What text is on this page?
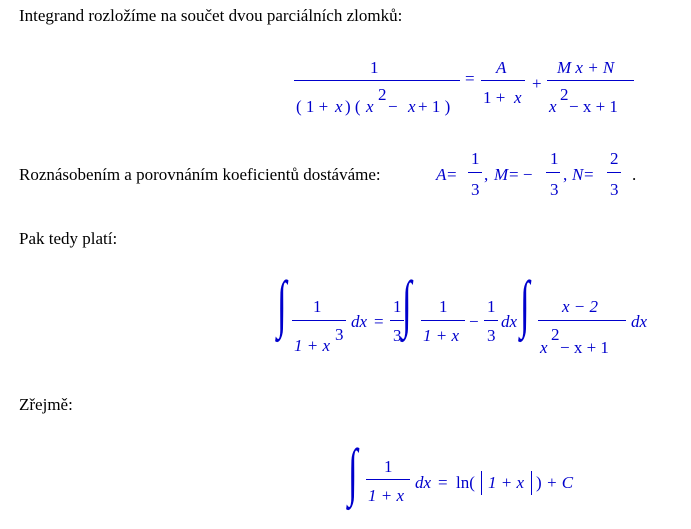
Integrand rozložíme na součet dvou parciálních zlomků:
Roznásobením a porovnáním koeficientů dostáváme:
Pak tedy platí:
Zřejmě:
1
( 1 + x ) ( x
2
− x + 1 )
=
A
1 + x
+
M x + N
x
2
− x + 1
A =
1
3
, M = −
1
3
, N =
2
3
.
∫ 1
1 + x
3
dx =
1
3 ∫ 1
1 + x
−
1
3
dx ∫ x − 2
x
2
− x + 1
dx
∫ 1
1 + x
dx = ln( 1 + x ) + C
